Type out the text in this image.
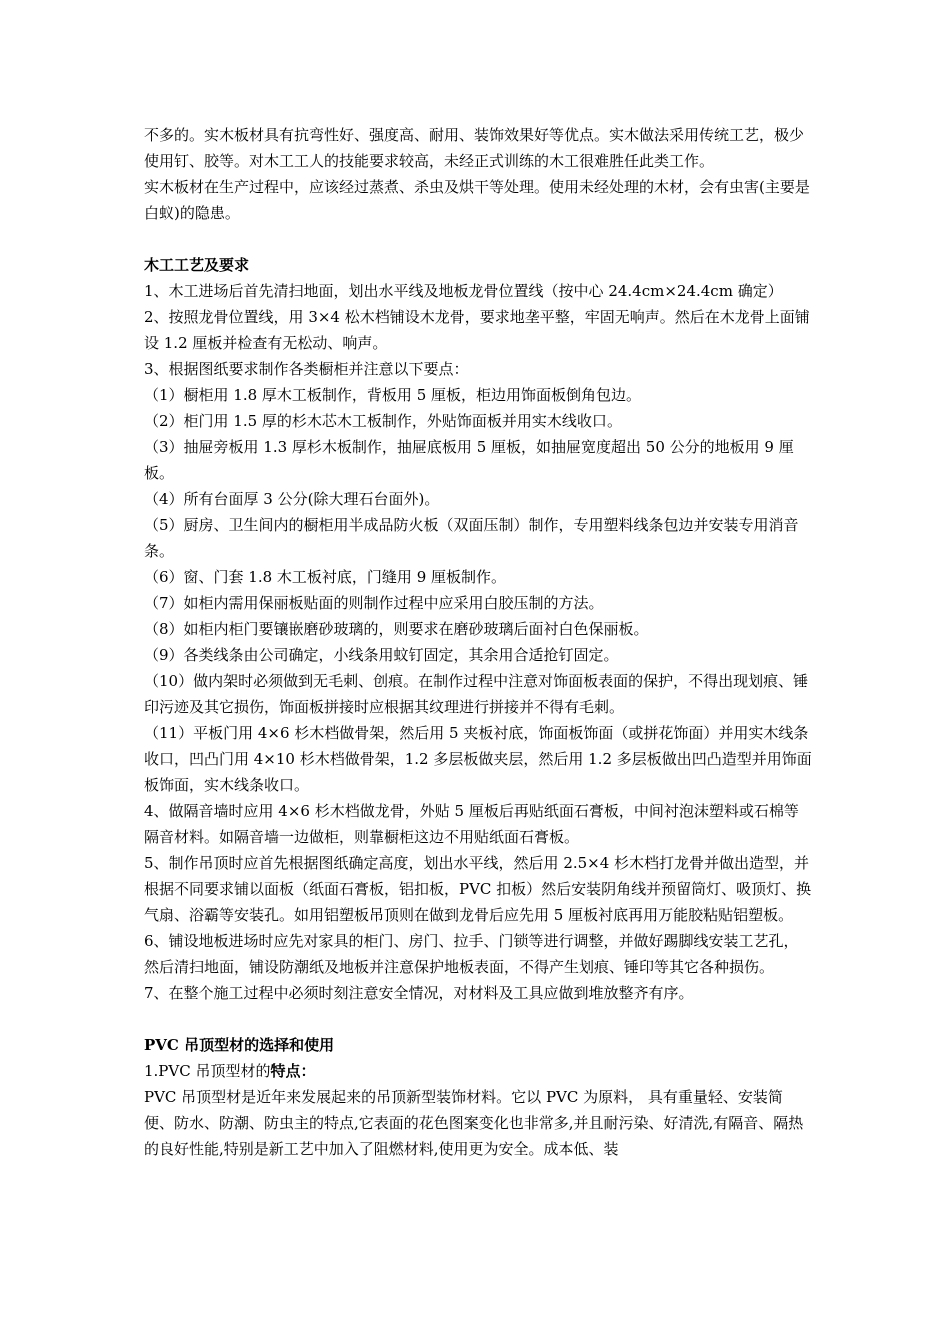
不多的。实木板材具有抗弯性好、强度高、耐用、装饰效果好等优点。实木做法采用传统工艺，极少使用钉、胶等。对木工工人的技能要求较高，未经正式训练的木工很难胜任此类工作。

实木板材在生产过程中，应该经过蒸煮、杀虫及烘干等处理。使用未经处理的木材，会有虫害(主要是白蚁)的隐患。

木工工艺及要求

1、木工进场后首先清扫地面，划出水平线及地板龙骨位置线（按中心 24.4cm×24.4cm 确定）

2、按照龙骨位置线，用 3×4 松木档铺设木龙骨，要求地垄平整，牢固无响声。然后在木龙骨上面铺设 1.2 厘板并检查有无松动、响声。

3、根据图纸要求制作各类橱柜并注意以下要点：

（1）橱柜用 1.8 厚木工板制作，背板用 5 厘板，柜边用饰面板倒角包边。

（2）柜门用 1.5 厚的杉木芯木工板制作，外贴饰面板并用实木线收口。

（3）抽屉旁板用 1.3 厚杉木板制作，抽屉底板用 5 厘板，如抽屉宽度超出 50 公分的地板用 9 厘板。

（4）所有台面厚 3 公分(除大理石台面外)。

（5）厨房、卫生间内的橱柜用半成品防火板（双面压制）制作，专用塑料线条包边并安装专用消音条。

（6）窗、门套 1.8 木工板衬底，门缝用 9 厘板制作。

（7）如柜内需用保丽板贴面的则制作过程中应采用白胶压制的方法。

（8）如柜内柜门要镶嵌磨砂玻璃的，则要求在磨砂玻璃后面衬白色保丽板。

（9）各类线条由公司确定，小线条用蚊钉固定，其余用合适抢钉固定。

（10）做内架时必须做到无毛刺、创痕。在制作过程中注意对饰面板表面的保护，不得出现划痕、锤印污迹及其它损伤，饰面板拼接时应根据其纹理进行拼接并不得有毛刺。

（11）平板门用 4×6 杉木档做骨架，然后用 5 夹板衬底，饰面板饰面（或拼花饰面）并用实木线条收口，凹凸门用 4×10 杉木档做骨架，1.2 多层板做夹层，然后用 1.2 多层板做出凹凸造型并用饰面板饰面，实木线条收口。

4、做隔音墙时应用 4×6 杉木档做龙骨，外贴 5 厘板后再贴纸面石膏板，中间衬泡沫塑料或石棉等隔音材料。如隔音墙一边做柜，则靠橱柜这边不用贴纸面石膏板。

5、制作吊顶时应首先根据图纸确定高度，划出水平线，然后用 2.5×4 杉木档打龙骨并做出造型，并根据不同要求铺以面板（纸面石膏板，铝扣板，PVC 扣板）然后安装阴角线并预留筒灯、吸顶灯、换气扇、浴霸等安装孔。如用铝塑板吊顶则在做到龙骨后应先用 5 厘板衬底再用万能胶粘贴铝塑板。

6、铺设地板进场时应先对家具的柜门、房门、拉手、门锁等进行调整，并做好踢脚线安装工艺孔，然后清扫地面，铺设防潮纸及地板并注意保护地板表面，不得产生划痕、锤印等其它各种损伤。

7、在整个施工过程中必须时刻注意安全情况，对材料及工具应做到堆放整齐有序。

PVC 吊顶型材的选择和使用

1.PVC 吊顶型材的特点：

PVC 吊顶型材是近年来发展起来的吊顶新型装饰材料。它以 PVC 为原料， 具有重量轻、安装简便、防水、防潮、防虫主的特点,它表面的花色图案变化也非常多,并且耐污染、好清洗,有隔音、隔热的良好性能,特别是新工艺中加入了阻燃材料,使用更为安全。成本低、装
